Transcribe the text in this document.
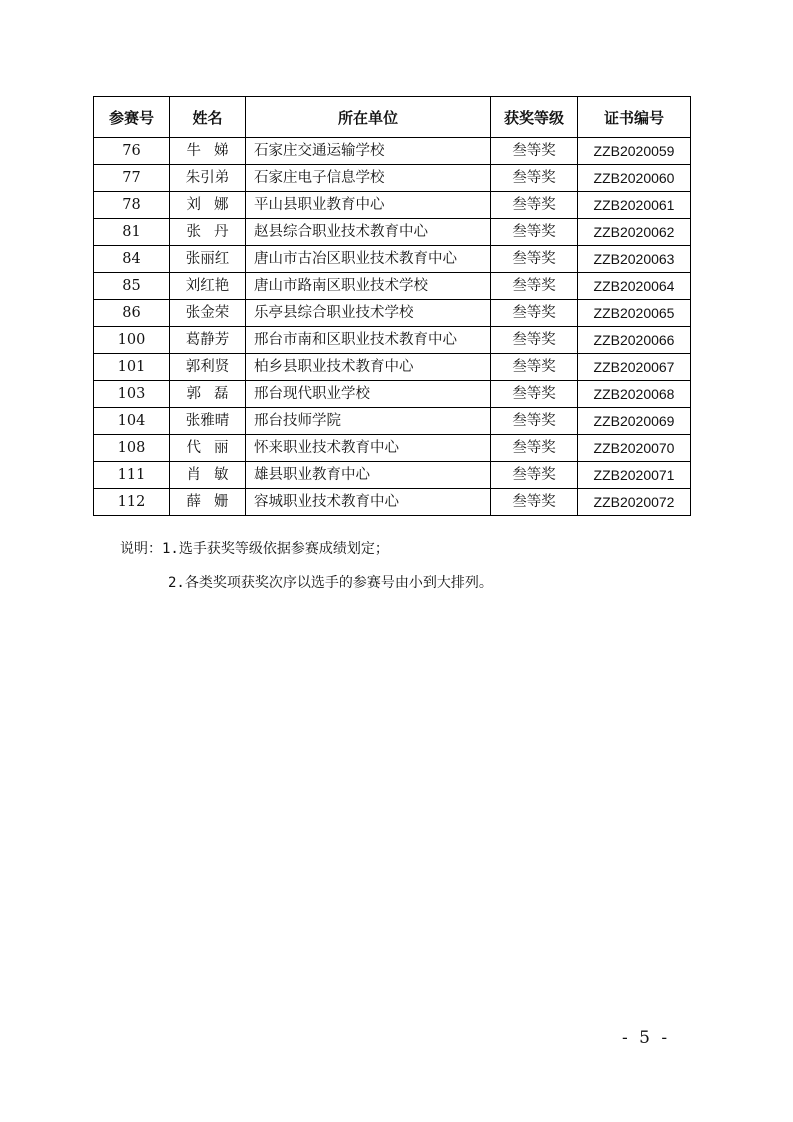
参赛号	姓名	所在单位	获奖等级	证书编号
76	牛娣	石家庄交通运输学校	叁等奖	ZZB2020059
77	朱引弟	石家庄电子信息学校	叁等奖	ZZB2020060
78	刘娜	平山县职业教育中心	叁等奖	ZZB2020061
81	张丹	赵县综合职业技术教育中心	叁等奖	ZZB2020062
84	张丽红	唐山市古冶区职业技术教育中心	叁等奖	ZZB2020063
85	刘红艳	唐山市路南区职业技术学校	叁等奖	ZZB2020064
86	张金荣	乐亭县综合职业技术学校	叁等奖	ZZB2020065
100	葛静芳	邢台市南和区职业技术教育中心	叁等奖	ZZB2020066
101	郭利贤	柏乡县职业技术教育中心	叁等奖	ZZB2020067
103	郭磊	邢台现代职业学校	叁等奖	ZZB2020068
104	张雅晴	邢台技师学院	叁等奖	ZZB2020069
108	代丽	怀来职业技术教育中心	叁等奖	ZZB2020070
111	肖敏	雄县职业教育中心	叁等奖	ZZB2020071
112	薛姗	容城职业技术教育中心	叁等奖	ZZB2020072
说明：1.选手获奖等级依据参赛成绩划定；
2.各类奖项获奖次序以选手的参赛号由小到大排列。
- 5 -
